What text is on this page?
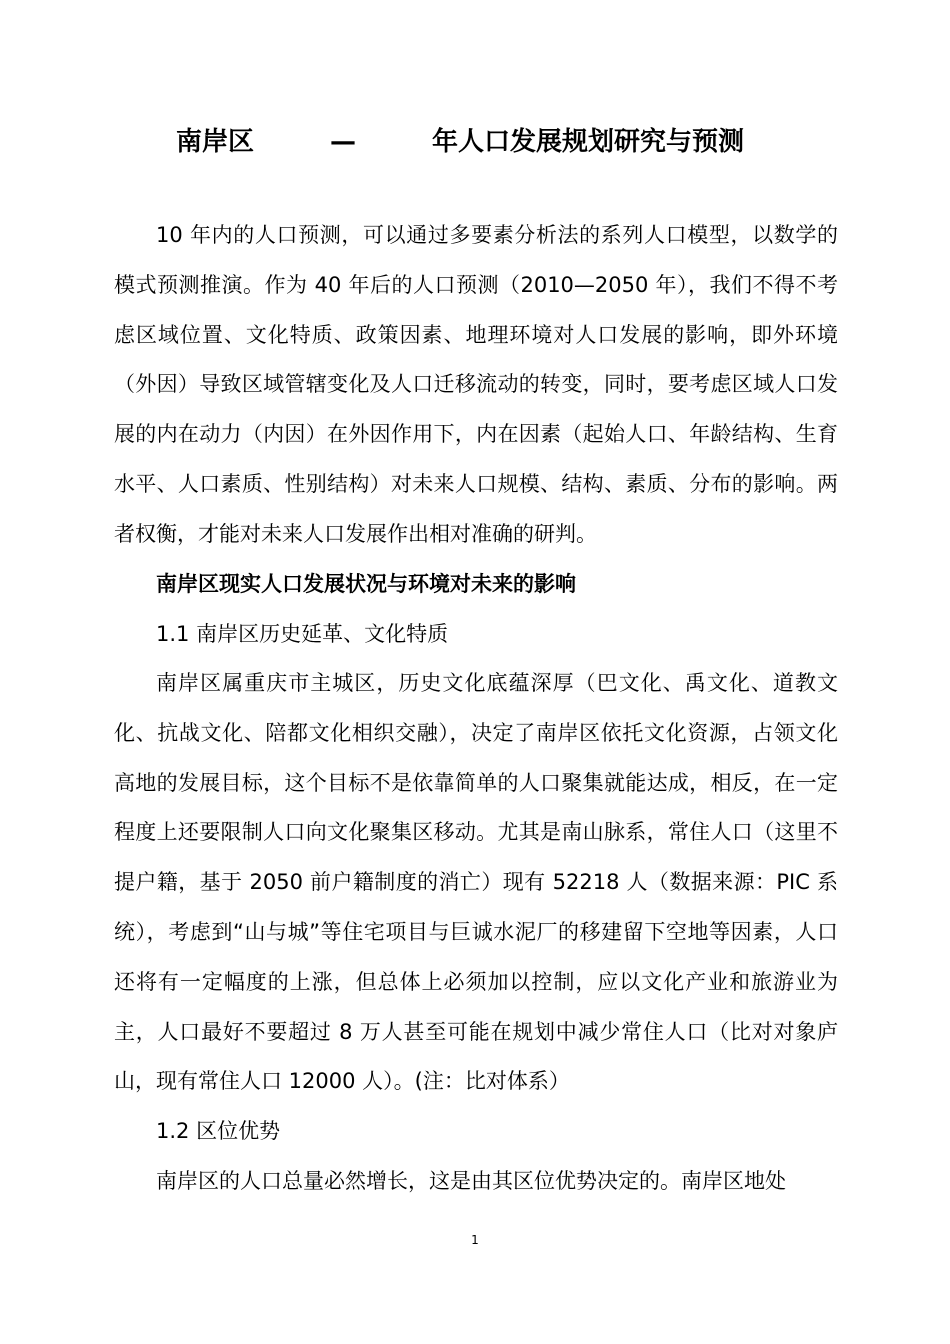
南岸区	—	年人口发展规划研究与预测

10 年内的人口预测，可以通过多要素分析法的系列人口模型，以数学的模式预测推演。作为 40 年后的人口预测（2010—2050 年），我们不得不考虑区域位置、文化特质、政策因素、地理环境对人口发展的影响，即外环境（外因）导致区域管辖变化及人口迁移流动的转变，同时，要考虑区域人口发展的内在动力（内因）在外因作用下，内在因素（起始人口、年龄结构、生育水平、人口素质、性别结构）对未来人口规模、结构、素质、分布的影响。两者权衡，才能对未来人口发展作出相对准确的研判。

南岸区现实人口发展状况与环境对未来的影响

1.1 南岸区历史延革、文化特质

南岸区属重庆市主城区，历史文化底蕴深厚（巴文化、禹文化、道教文化、抗战文化、陪都文化相织交融），决定了南岸区依托文化资源，占领文化高地的发展目标，这个目标不是依靠简单的人口聚集就能达成，相反，在一定程度上还要限制人口向文化聚集区移动。尤其是南山脉系，常住人口（这里不提户籍，基于 2050 前户籍制度的消亡）现有 52218 人（数据来源：PIC 系统），考虑到“山与城”等住宅项目与巨诚水泥厂的移建留下空地等因素，人口还将有一定幅度的上涨，但总体上必须加以控制，应以文化产业和旅游业为主，人口最好不要超过 8 万人甚至可能在规划中减少常住人口（比对对象庐山，现有常住人口 12000 人）。(注：比对体系）

1.2 区位优势

南岸区的人口总量必然增长，这是由其区位优势决定的。南岸区地处

1
